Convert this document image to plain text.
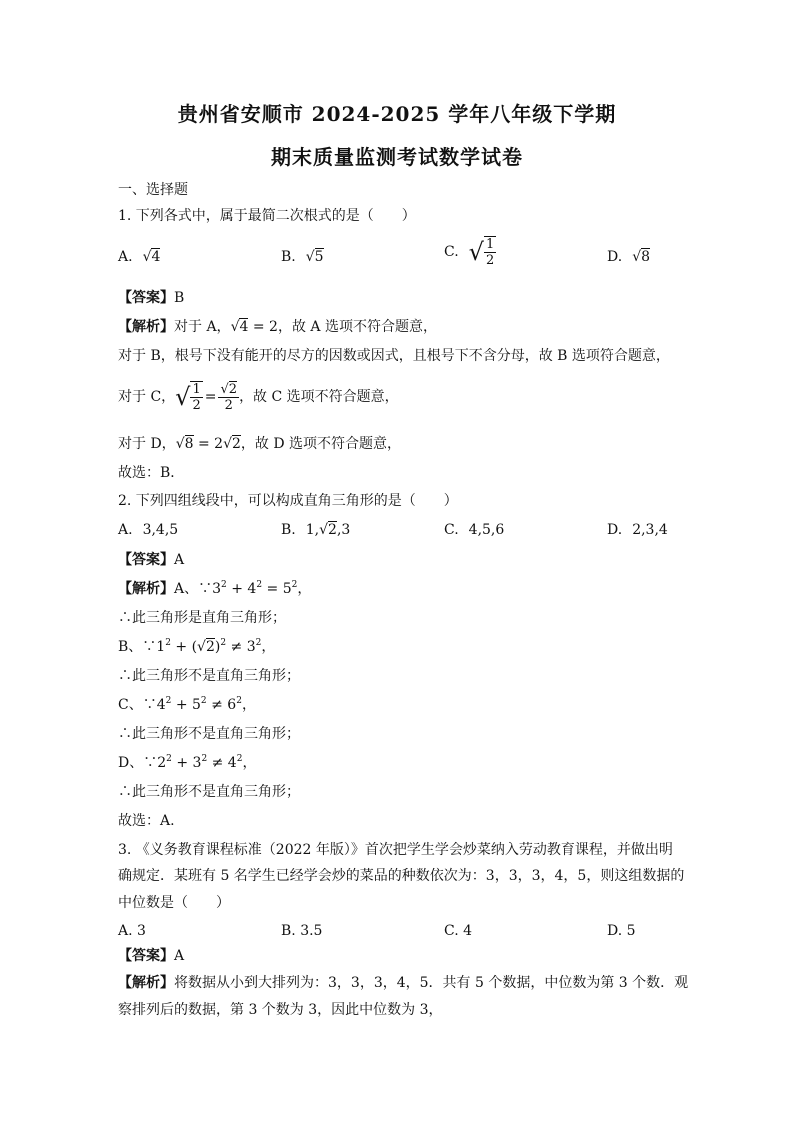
贵州省安顺市 2024-2025 学年八年级下学期
期末质量监测考试数学试卷
一、选择题
1. 下列各式中，属于最简二次根式的是（　　）
A. √4	B. √5	C. √ $\frac{1}{2}$	D. √8
【答案】B
【解析】对于 A，√4 = 2，故 A 选项不符合题意，
对于 B，根号下没有能开的尽方的因数或因式，且根号下不含分母，故 B 选项符合题意，
对于 C，√ $\frac{1}{2} = \frac{√2}{2}$ ，故 C 选项不符合题意，
对于 D，√8 = 2√2，故 D 选项不符合题意，
故选：B．
2. 下列四组线段中，可以构成直角三角形的是（　　）
A. 3,4,5	B. 1,√2,3	C. 4,5,6	D. 2,3,4
【答案】A
【解析】A、$\because 3^2 + 4^2 = 5^2$，
∴此三角形是直角三角形；
B、$\because 1^2 + (√2)^2 \ne 3^2$，
∴此三角形不是直角三角形；
C、$\because 4^2 + 5^2 \ne 6^2$，
∴此三角形不是直角三角形；
D、$\because 2^2 + 3^2 \ne 4^2$，
∴此三角形不是直角三角形；
故选：A.
3. 《义务教育课程标准（2022 年版）》首次把学生学会炒菜纳入劳动教育课程，并做出明
确规定．某班有 5 名学生已经学会炒的菜品的种数依次为：3，3，3，4，5，则这组数据的
中位数是（　　）
A. 3	B. 3.5	C. 4	D. 5
【答案】A
【解析】将数据从小到大排列为：3，3，3，4，5．共有 5 个数据，中位数为第 3 个数．观
察排列后的数据，第 3 个数为 3，因此中位数为 3，
